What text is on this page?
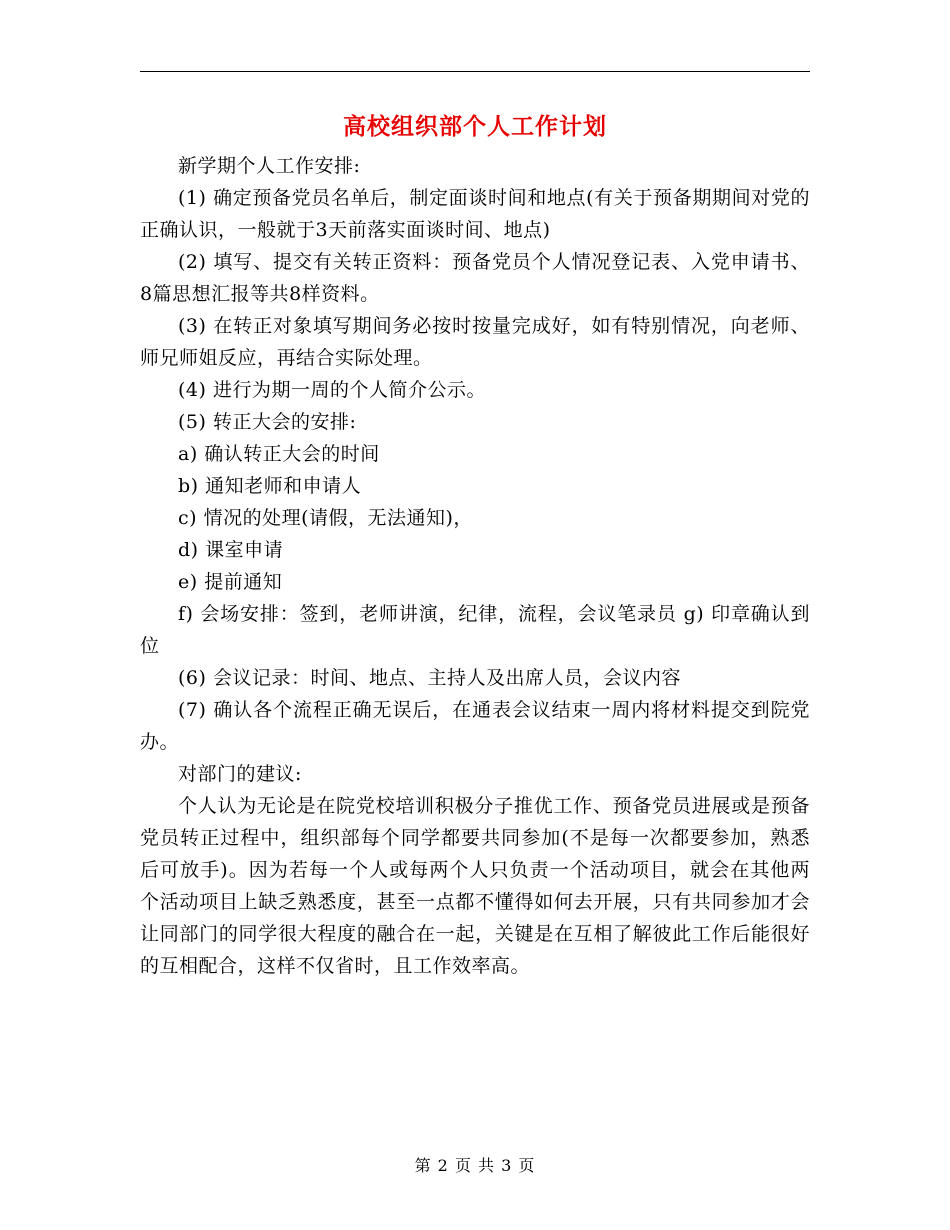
高校组织部个人工作计划

新学期个人工作安排:

(1) 确定预备党员名单后，制定面谈时间和地点(有关于预备期期间对党的正确认识，一般就于3天前落实面谈时间、地点)

(2) 填写、提交有关转正资料：预备党员个人情况登记表、入党申请书、8篇思想汇报等共8样资料。

(3) 在转正对象填写期间务必按时按量完成好，如有特别情况，向老师、师兄师姐反应，再结合实际处理。

(4) 进行为期一周的个人简介公示。

(5) 转正大会的安排:

a) 确认转正大会的时间

b) 通知老师和申请人

c) 情况的处理(请假，无法通知)，

d) 课室申请

e) 提前通知

f) 会场安排：签到，老师讲演，纪律，流程，会议笔录员 g) 印章确认到位

(6) 会议记录：时间、地点、主持人及出席人员，会议内容

(7) 确认各个流程正确无误后，在通表会议结束一周内将材料提交到院党办。

对部门的建议:

个人认为无论是在院党校培训积极分子推优工作、预备党员进展或是预备党员转正过程中，组织部每个同学都要共同参加(不是每一次都要参加，熟悉后可放手)。因为若每一个人或每两个人只负责一个活动项目，就会在其他两个活动项目上缺乏熟悉度，甚至一点都不懂得如何去开展，只有共同参加才会让同部门的同学很大程度的融合在一起，关键是在互相了解彼此工作后能很好的互相配合，这样不仅省时，且工作效率高。

第 2 页 共 3 页
